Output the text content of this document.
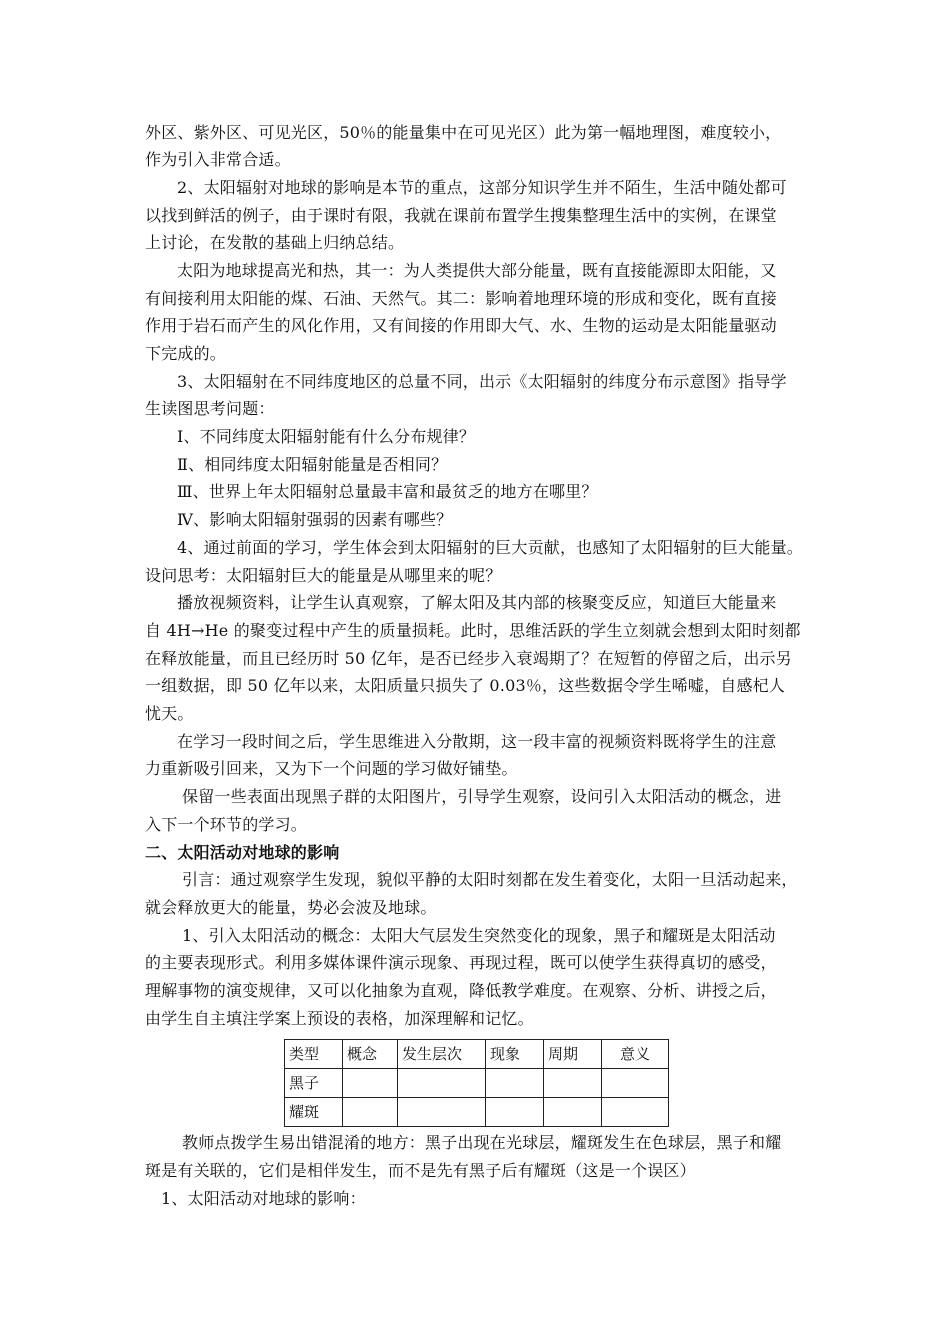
外区、紫外区、可见光区，50％的能量集中在可见光区）此为第一幅地理图，难度较小，
作为引入非常合适。
2、太阳辐射对地球的影响是本节的重点，这部分知识学生并不陌生，生活中随处都可
以找到鲜活的例子，由于课时有限，我就在课前布置学生搜集整理生活中的实例，在课堂
上讨论，在发散的基础上归纳总结。
太阳为地球提高光和热，其一：为人类提供大部分能量，既有直接能源即太阳能，又
有间接利用太阳能的煤、石油、天然气。其二：影响着地理环境的形成和变化，既有直接
作用于岩石而产生的风化作用，又有间接的作用即大气、水、生物的运动是太阳能量驱动
下完成的。
3、太阳辐射在不同纬度地区的总量不同，出示《太阳辐射的纬度分布示意图》指导学
生读图思考问题：
Ⅰ、不同纬度太阳辐射能有什么分布规律？
Ⅱ、相同纬度太阳辐射能量是否相同？
Ⅲ、世界上年太阳辐射总量最丰富和最贫乏的地方在哪里？
Ⅳ、影响太阳辐射强弱的因素有哪些？
4、通过前面的学习，学生体会到太阳辐射的巨大贡献，也感知了太阳辐射的巨大能量。
设问思考：太阳辐射巨大的能量是从哪里来的呢？
播放视频资料，让学生认真观察，了解太阳及其内部的核聚变反应，知道巨大能量来
自 4H→He 的聚变过程中产生的质量损耗。此时，思维活跃的学生立刻就会想到太阳时刻都
在释放能量，而且已经历时 50 亿年，是否已经步入衰竭期了？在短暂的停留之后，出示另
一组数据，即 50 亿年以来，太阳质量只损失了 0.03％，这些数据令学生唏嘘，自感杞人
忧天。
在学习一段时间之后，学生思维进入分散期，这一段丰富的视频资料既将学生的注意
力重新吸引回来，又为下一个问题的学习做好铺垫。
保留一些表面出现黑子群的太阳图片，引导学生观察，设问引入太阳活动的概念，进
入下一个环节的学习。
二、太阳活动对地球的影响
引言：通过观察学生发现，貌似平静的太阳时刻都在发生着变化，太阳一旦活动起来，
就会释放更大的能量，势必会波及地球。
1、引入太阳活动的概念：太阳大气层发生突然变化的现象，黑子和耀斑是太阳活动
的主要表现形式。利用多媒体课件演示现象、再现过程，既可以使学生获得真切的感受，
理解事物的演变规律，又可以化抽象为直观，降低教学难度。在观察、分析、讲授之后，
由学生自主填注学案上预设的表格，加深理解和记忆。
类型	概念	发生层次	现象	周期	意义
黑子					
耀斑					
教师点拨学生易出错混淆的地方：黑子出现在光球层，耀斑发生在色球层，黑子和耀
斑是有关联的，它们是相伴发生，而不是先有黑子后有耀斑（这是一个误区）
1、太阳活动对地球的影响：
